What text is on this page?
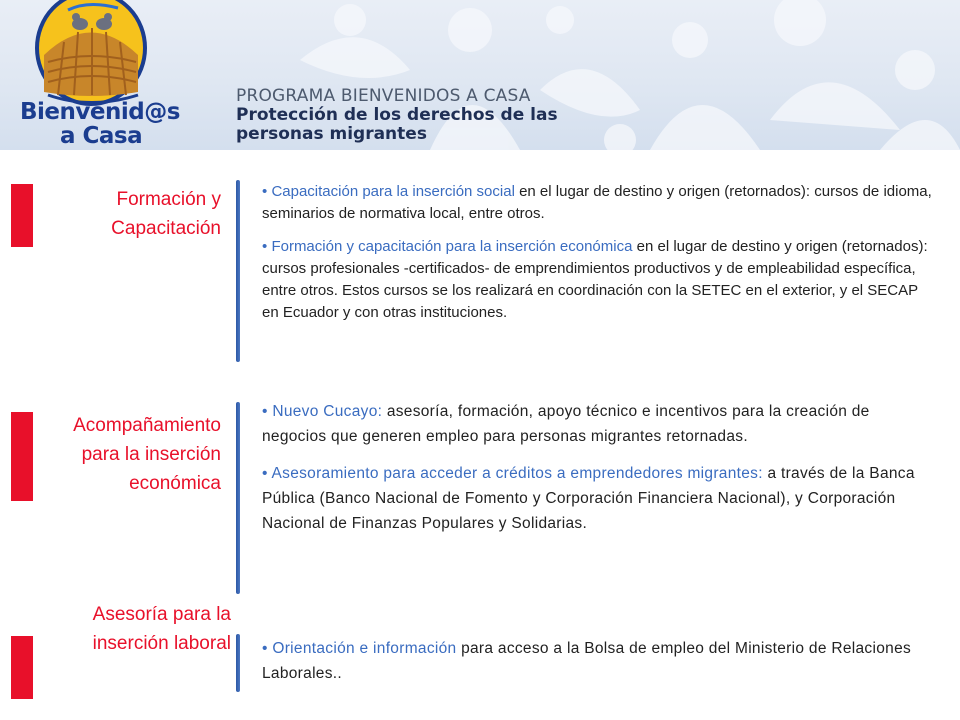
Bienvenid@s
a Casa
PROGRAMA BIENVENIDOS A CASA
Protección de los derechos de las
personas migrantes
Formación y
Capacitación

• Capacitación para la inserción social en el lugar de destino y origen (retornados): cursos de idioma, seminarios de normativa local, entre otros.

• Formación y capacitación para la inserción económica en el lugar de destino y origen (retornados): cursos profesionales -certificados- de emprendimientos productivos y de empleabilidad específica, entre otros. Estos cursos se los realizará en coordinación con la SETEC en el exterior, y el SECAP en Ecuador y con otras instituciones.

Acompañamiento
para la inserción
económica

• Nuevo Cucayo: asesoría, formación, apoyo técnico e incentivos para la creación de negocios que generen empleo para personas migrantes retornadas.

• Asesoramiento para acceder a créditos a emprendedores migrantes: a través de la Banca Pública (Banco Nacional de Fomento y Corporación Financiera Nacional), y Corporación Nacional de Finanzas Populares y Solidarias.

Asesoría para la
inserción laboral • Orientación e información para acceso a la Bolsa de empleo del Ministerio de Relaciones Laborales..
